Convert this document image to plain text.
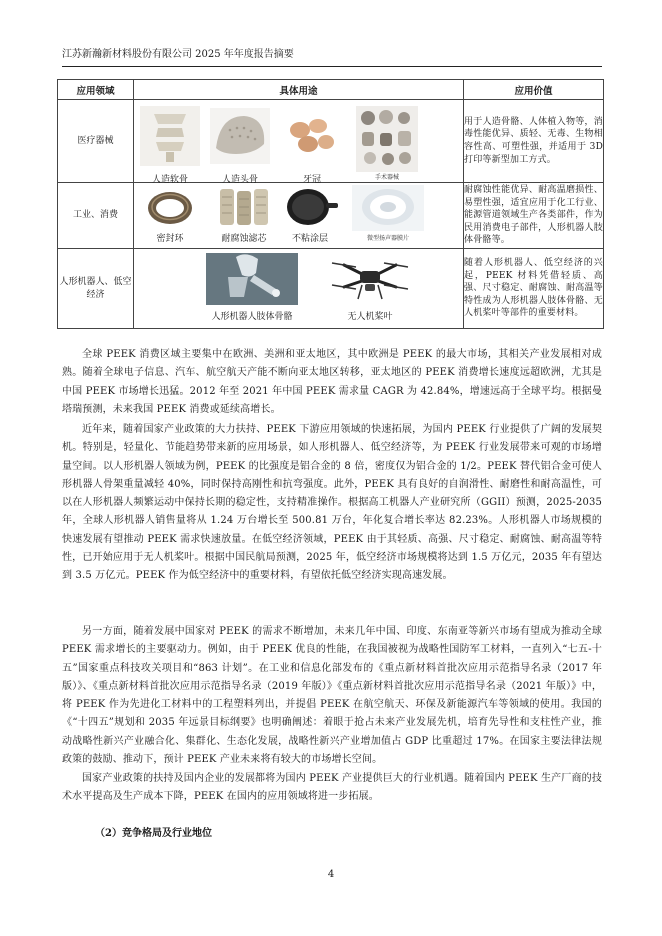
江苏新瀚新材料股份有限公司 2025 年年度报告摘要
应用领域	具体用途	应用价值
医疗器械	人造软骨 人造头骨 牙冠 手术器械	用于人造骨骼、人体植入物等，消毒性能优异、质轻、无毒、生物相容性高、可塑性强，并适用于 3D 打印等新型加工方式。
工业、消费	密封环 耐腐蚀滤芯 不粘涂层 微型扬声器膜片	耐腐蚀性能优异、耐高温磨损性、易塑性强，适宜应用于化工行业、能源管道领域生产各类部件，作为民用消费电子部件，人形机器人肢体骨骼等。
人形机器人、低空经济	人形机器人肢体骨骼 无人机桨叶	随着人形机器人、低空经济的兴起，PEEK 材料凭借轻质、高强、尺寸稳定、耐腐蚀、耐高温等特性成为人形机器人肢体骨骼、无人机桨叶等部件的重要材料。

全球 PEEK 消费区域主要集中在欧洲、美洲和亚太地区，其中欧洲是 PEEK 的最大市场，其相关产业发展相对成熟。随着全球电子信息、汽车、航空航天产能不断向亚太地区转移，亚太地区的 PEEK 消费增长速度远超欧洲，尤其是中国 PEEK 市场增长迅猛。2012 年至 2021 年中国 PEEK 需求量 CAGR 为 42.84%，增速远高于全球平均。根据曼塔瑞预测，未来我国 PEEK 消费或延续高增长。

近年来，随着国家产业政策的大力扶持、PEEK 下游应用领域的快速拓展，为国内 PEEK 行业提供了广阔的发展契机。特别是，轻量化、节能趋势带来新的应用场景，如人形机器人、低空经济等，为 PEEK 行业发展带来可观的市场增量空间。以人形机器人领域为例，PEEK 的比强度是铝合金的 8 倍，密度仅为铝合金的 1/2。PEEK 替代铝合金可使人形机器人骨架重量减轻 40%，同时保持高刚性和抗弯强度。此外，PEEK 具有良好的自润滑性、耐磨性和耐高温性，可以在人形机器人频繁运动中保持长期的稳定性，支持精准操作。根据高工机器人产业研究所（GGII）预测，2025-2035 年，全球人形机器人销售量将从 1.24 万台增长至 500.81 万台，年化复合增长率达 82.23%。人形机器人市场规模的快速发展有望推动 PEEK 需求快速放量。在低空经济领域，PEEK 由于其轻质、高强、尺寸稳定、耐腐蚀、耐高温等特性，已开始应用于无人机桨叶。根据中国民航局预测，2025 年，低空经济市场规模将达到 1.5 万亿元，2035 年有望达到 3.5 万亿元。PEEK 作为低空经济中的重要材料，有望依托低空经济实现高速发展。

另一方面，随着发展中国家对 PEEK 的需求不断增加，未来几年中国、印度、东南亚等新兴市场有望成为推动全球 PEEK 需求增长的主要驱动力。例如，由于 PEEK 优良的性能，在我国被视为战略性国防军工材料，一直列入“七五-十五”国家重点科技攻关项目和“863 计划”。在工业和信息化部发布的《重点新材料首批次应用示范指导名录（2017 年版）》、《重点新材料首批次应用示范指导名录（2019 年版）》《重点新材料首批次应用示范指导名录（2021 年版）》中，将 PEEK 作为先进化工材料中的工程塑料列出，并提倡 PEEK 在航空航天、环保及新能源汽车等领域的使用。我国的《“十四五”规划和 2035 年远景目标纲要》也明确阐述：着眼于抢占未来产业发展先机，培育先导性和支柱性产业，推动战略性新兴产业融合化、集群化、生态化发展，战略性新兴产业增加值占 GDP 比重超过 17%。在国家主要法律法规政策的鼓励、推动下，预计 PEEK 产业未来将有较大的市场增长空间。

国家产业政策的扶持及国内企业的发展都将为国内 PEEK 产业提供巨大的行业机遇。随着国内 PEEK 生产厂商的技术水平提高及生产成本下降，PEEK 在国内的应用领域将进一步拓展。

（2）竞争格局及行业地位

4
